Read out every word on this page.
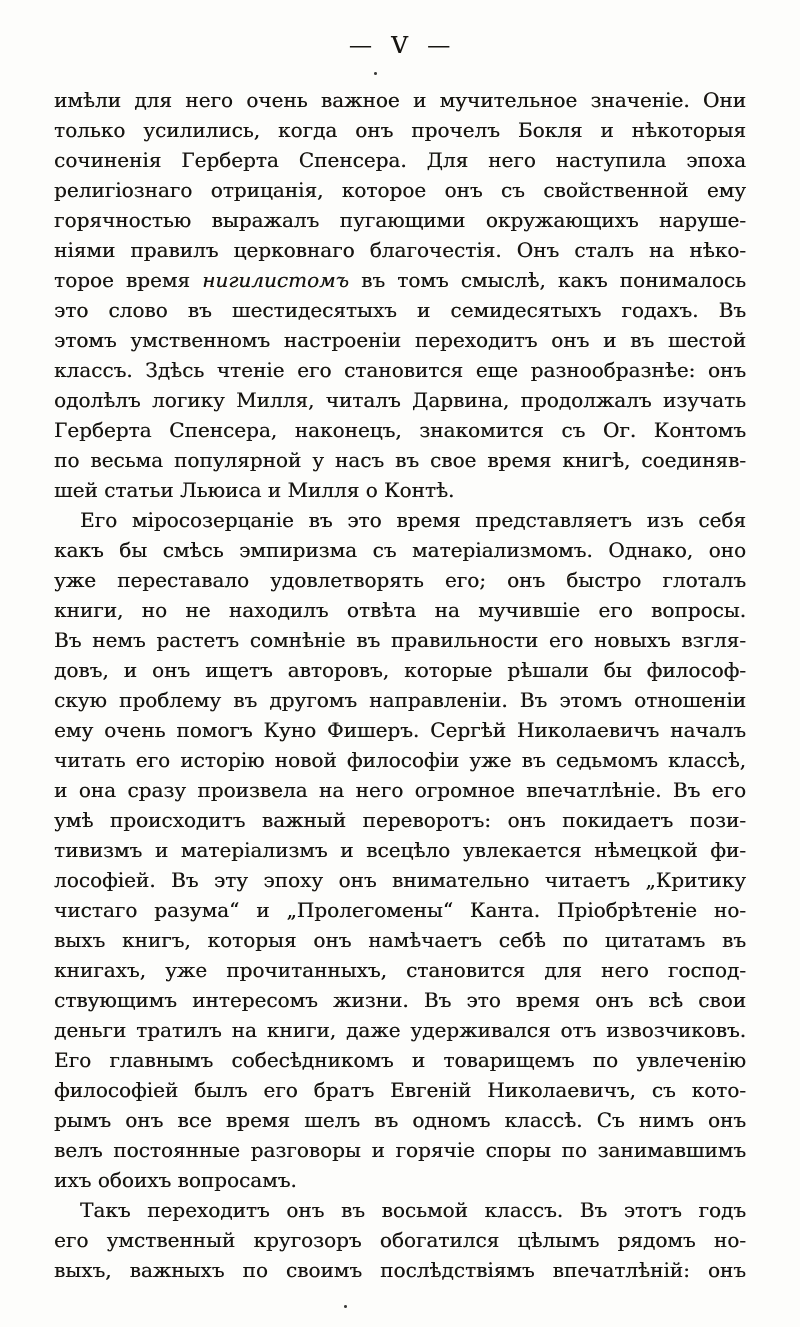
— V —
имѣли для него очень важное и мучительное значеніе. Они
только усилились, когда онъ прочелъ Бокля и нѣкоторыя
сочиненія Герберта Спенсера. Для него наступила эпоха
религіознаго отрицанія, которое онъ съ свойственной ему
горячностью выражалъ пугающими окружающихъ наруше-
ніями правилъ церковнаго благочестія. Онъ сталъ на нѣко-
торое время нигилистомъ въ томъ смыслѣ, какъ понималось
это слово въ шестидесятыхъ и семидесятыхъ годахъ. Въ
этомъ умственномъ настроеніи переходитъ онъ и въ шестой
классъ. Здѣсь чтеніе его становится еще разнообразнѣе: онъ
одолѣлъ логику Милля, читалъ Дарвина, продолжалъ изучать
Герберта Спенсера, наконецъ, знакомится съ Ог. Контомъ
по весьма популярной у насъ въ свое время книгѣ, соединяв-
шей статьи Льюиса и Милля о Контѣ.
Его міросозерцаніе въ это время представляетъ изъ себя
какъ бы смѣсь эмпиризма съ матеріализмомъ. Однако, оно
уже переставало удовлетворять его; онъ быстро глоталъ
книги, но не находилъ отвѣта на мучившіе его вопросы.
Въ немъ растетъ сомнѣніе въ правильности его новыхъ взгля-
довъ, и онъ ищетъ авторовъ, которые рѣшали бы философ-
скую проблему въ другомъ направленіи. Въ этомъ отношеніи
ему очень помогъ Куно Фишеръ. Сергѣй Николаевичъ началъ
читать его исторію новой философіи уже въ седьмомъ классѣ,
и она сразу произвела на него огромное впечатлѣніе. Въ его
умѣ происходитъ важный переворотъ: онъ покидаетъ пози-
тивизмъ и матеріализмъ и всецѣло увлекается нѣмецкой фи-
лософіей. Въ эту эпоху онъ внимательно читаетъ „Критику
чистаго разума“ и „Пролегомены“ Канта. Пріобрѣтеніе но-
выхъ книгъ, которыя онъ намѣчаетъ себѣ по цитатамъ въ
книгахъ, уже прочитанныхъ, становится для него господ-
ствующимъ интересомъ жизни. Въ это время онъ всѣ свои
деньги тратилъ на книги, даже удерживался отъ извозчиковъ.
Его главнымъ собесѣдникомъ и товарищемъ по увлеченію
философіей былъ его братъ Евгеній Николаевичъ, съ кото-
рымъ онъ все время шелъ въ одномъ классѣ. Съ нимъ онъ
велъ постоянные разговоры и горячіе споры по занимавшимъ
ихъ обоихъ вопросамъ.
Такъ переходитъ онъ въ восьмой классъ. Въ этотъ годъ
его умственный кругозоръ обогатился цѣлымъ рядомъ но-
выхъ, важныхъ по своимъ послѣдствіямъ впечатлѣній: онъ
